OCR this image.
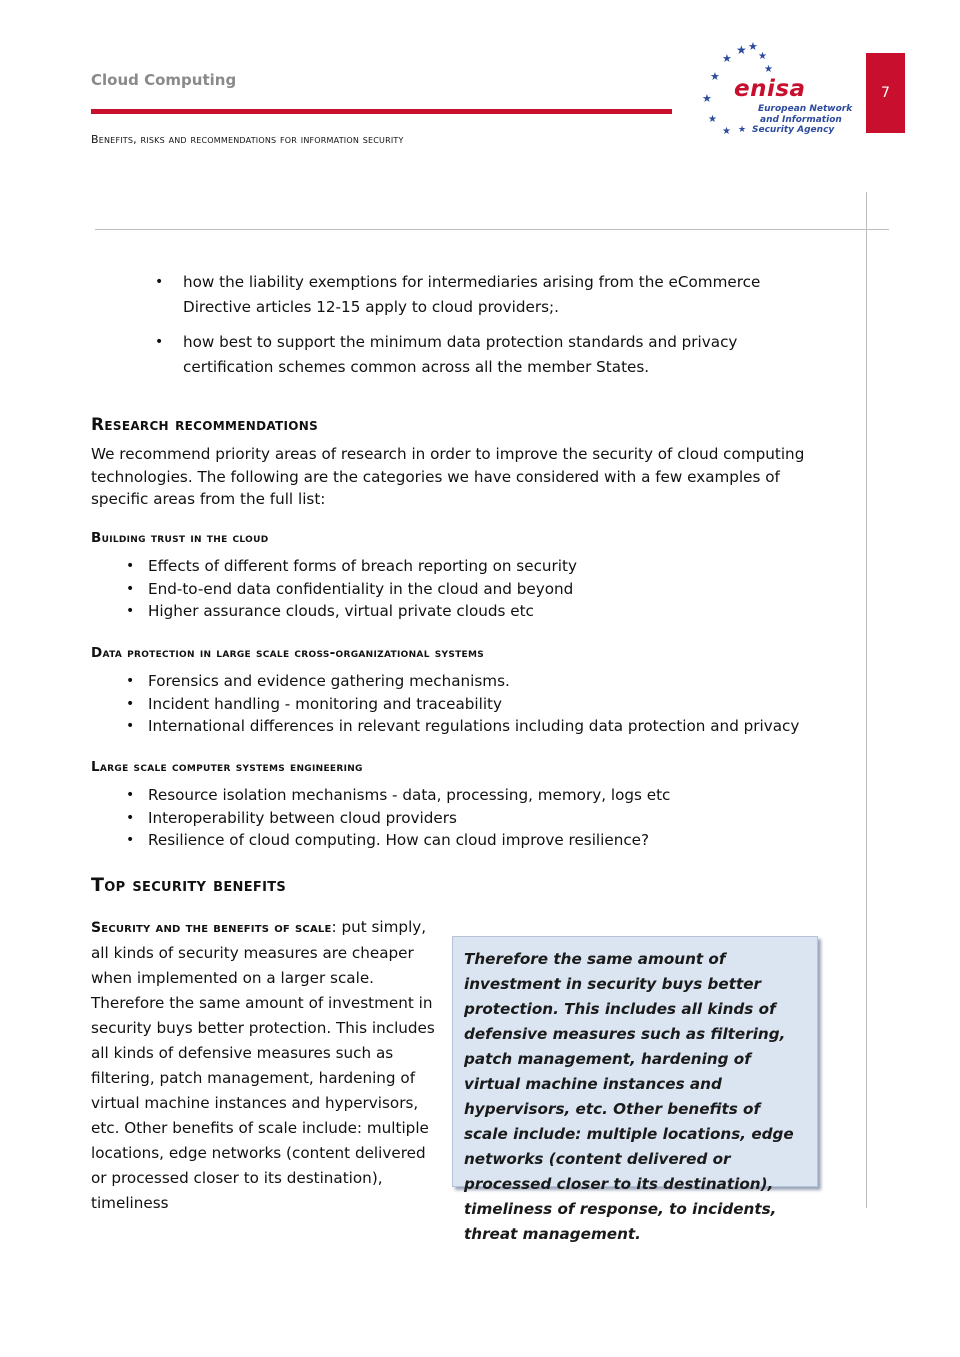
Cloud Computing
Benefits, risks and recommendations for information security
★ ★
★	★
★
★
★
★
★ ★
enisa
European Network
and Information
Security Agency
7
• how the liability exemptions for intermediaries arising from the eCommerce Directive articles 12-15 apply to cloud providers;.
• how best to support the minimum data protection standards and privacy certification schemes common across all the member States.
Research recommendations
We recommend priority areas of research in order to improve the security of cloud computing technologies. The following are the categories we have considered with a few examples of specific areas from the full list:
Building trust in the cloud
• Effects of different forms of breach reporting on security
• End-to-end data confidentiality in the cloud and beyond
• Higher assurance clouds, virtual private clouds etc
Data protection in large scale cross-organizational systems
• Forensics and evidence gathering mechanisms.
• Incident handling - monitoring and traceability
• International differences in relevant regulations including data protection and privacy
Large scale computer systems engineering
• Resource isolation mechanisms - data, processing, memory, logs etc
• Interoperability between cloud providers
• Resilience of cloud computing. How can cloud improve resilience?
Top security benefits
Security and the benefits of scale: put simply, all kinds of security measures are cheaper when implemented on a larger scale. Therefore the same amount of investment in security buys better protection. This includes all kinds of defensive measures such as filtering, patch management, hardening of virtual machine instances and hypervisors, etc. Other benefits of scale include: multiple locations, edge networks (content delivered or processed closer to its destination), timeliness
Therefore the same amount of investment in security buys better protection. This includes all kinds of defensive measures such as filtering, patch management, hardening of virtual machine instances and hypervisors, etc. Other benefits of scale include: multiple locations, edge networks (content delivered or processed closer to its destination), timeliness of response, to incidents, threat management.
